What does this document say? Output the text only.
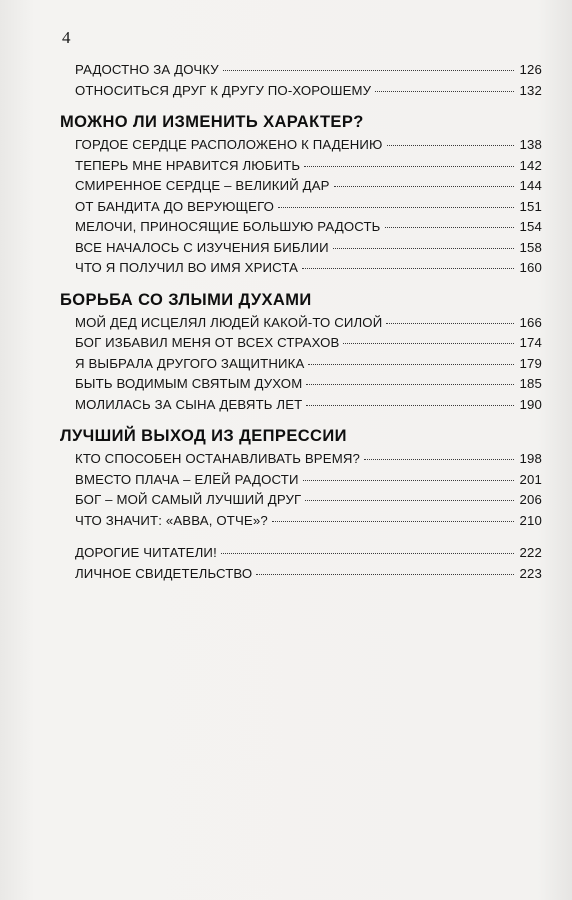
4
РАДОСТНО ЗА ДОЧКУ	126
ОТНОСИТЬСЯ ДРУГ К ДРУГУ ПО-ХОРОШЕМУ	132
МОЖНО ЛИ ИЗМЕНИТЬ ХАРАКТЕР?
ГОРДОЕ СЕРДЦЕ РАСПОЛОЖЕНО К ПАДЕНИЮ	138
ТЕПЕРЬ МНЕ НРАВИТСЯ ЛЮБИТЬ	142
СМИРЕННОЕ СЕРДЦЕ – ВЕЛИКИЙ ДАР	144
ОТ БАНДИТА ДО ВЕРУЮЩЕГО	151
МЕЛОЧИ, ПРИНОСЯЩИЕ БОЛЬШУЮ РАДОСТЬ	154
ВСЕ НАЧАЛОСЬ С ИЗУЧЕНИЯ БИБЛИИ	158
ЧТО Я ПОЛУЧИЛ ВО ИМЯ ХРИСТА	160
БОРЬБА СО ЗЛЫМИ ДУХАМИ
МОЙ ДЕД ИСЦЕЛЯЛ ЛЮДЕЙ КАКОЙ-ТО СИЛОЙ	166
БОГ ИЗБАВИЛ МЕНЯ ОТ ВСЕХ СТРАХОВ	174
Я ВЫБРАЛА ДРУГОГО ЗАЩИТНИКА	179
БЫТЬ ВОДИМЫМ СВЯТЫМ ДУХОМ	185
МОЛИЛАСЬ ЗА СЫНА ДЕВЯТЬ ЛЕТ	190
ЛУЧШИЙ ВЫХОД ИЗ ДЕПРЕССИИ
КТО СПОСОБЕН ОСТАНАВЛИВАТЬ ВРЕМЯ?	198
ВМЕСТО ПЛАЧА – ЕЛЕЙ РАДОСТИ	201
БОГ – МОЙ САМЫЙ ЛУЧШИЙ ДРУГ	206
ЧТО ЗНАЧИТ: «АВВА, ОТЧЕ»?	210
ДОРОГИЕ ЧИТАТЕЛИ!	222
ЛИЧНОЕ СВИДЕТЕЛЬСТВО	223
